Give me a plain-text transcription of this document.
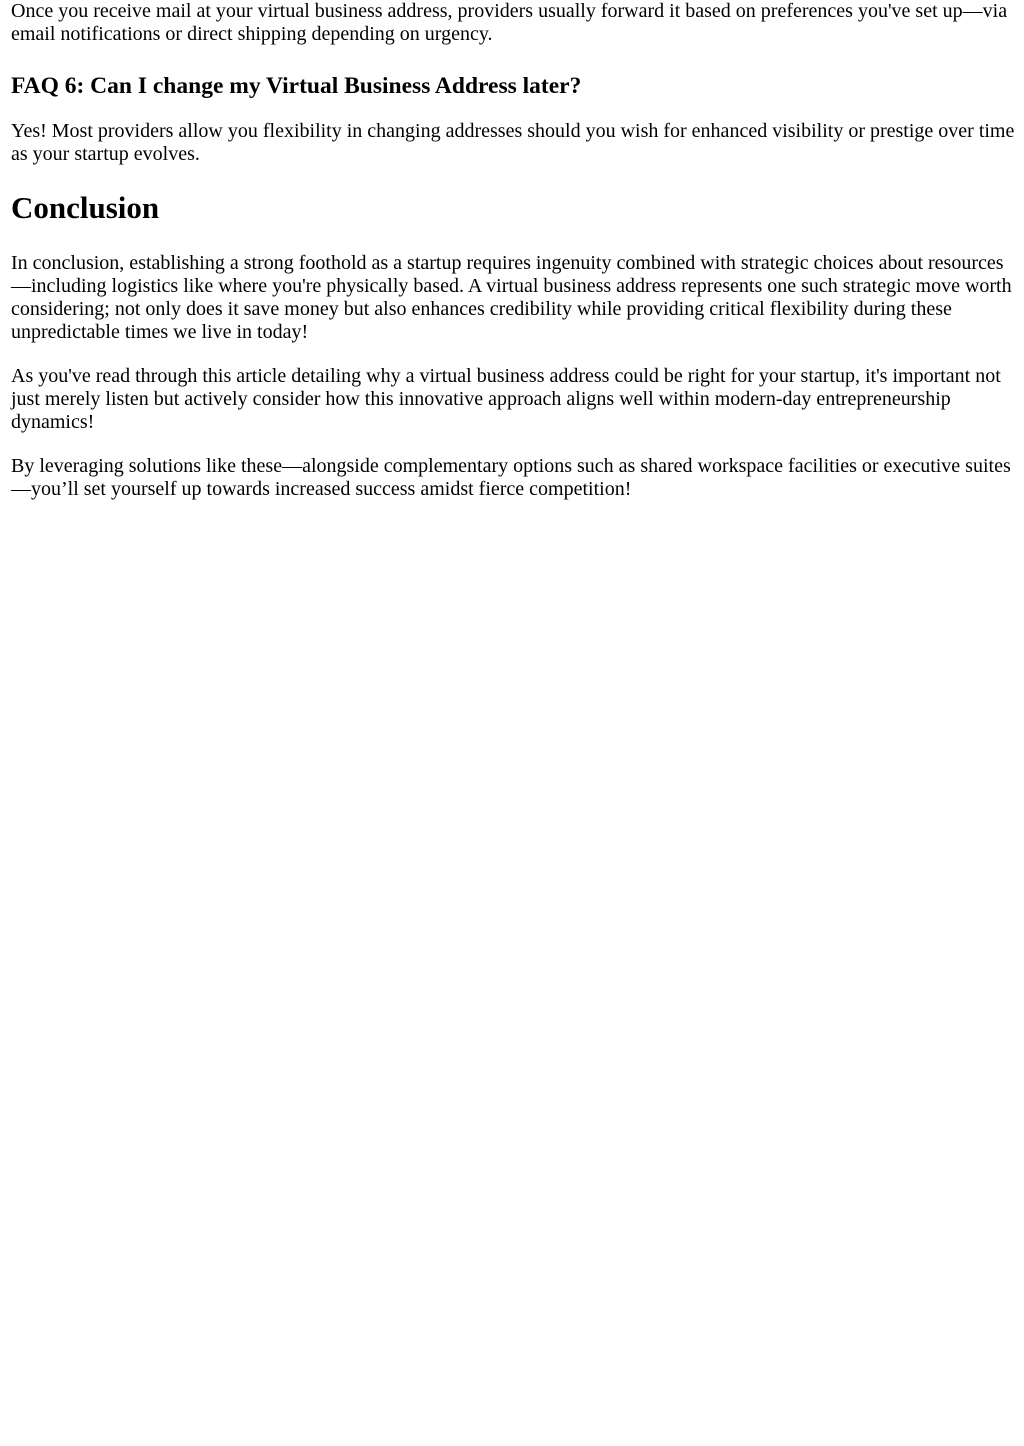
Once you receive mail at your virtual business address, providers usually forward it based on preferences you've set up—via email notifications or direct shipping depending on urgency.

FAQ 6: Can I change my Virtual Business Address later?

Yes! Most providers allow you flexibility in changing addresses should you wish for enhanced visibility or prestige over time as your startup evolves.

Conclusion

In conclusion, establishing a strong foothold as a startup requires ingenuity combined with strategic choices about resources—including logistics like where you're physically based. A virtual business address represents one such strategic move worth considering; not only does it save money but also enhances credibility while providing critical flexibility during these unpredictable times we live in today!

As you've read through this article detailing why a virtual business address could be right for your startup, it's important not just merely listen but actively consider how this innovative approach aligns well within modern-day entrepreneurship dynamics!

By leveraging solutions like these—alongside complementary options such as shared workspace facilities or executive suites—you’ll set yourself up towards increased success amidst fierce competition!
